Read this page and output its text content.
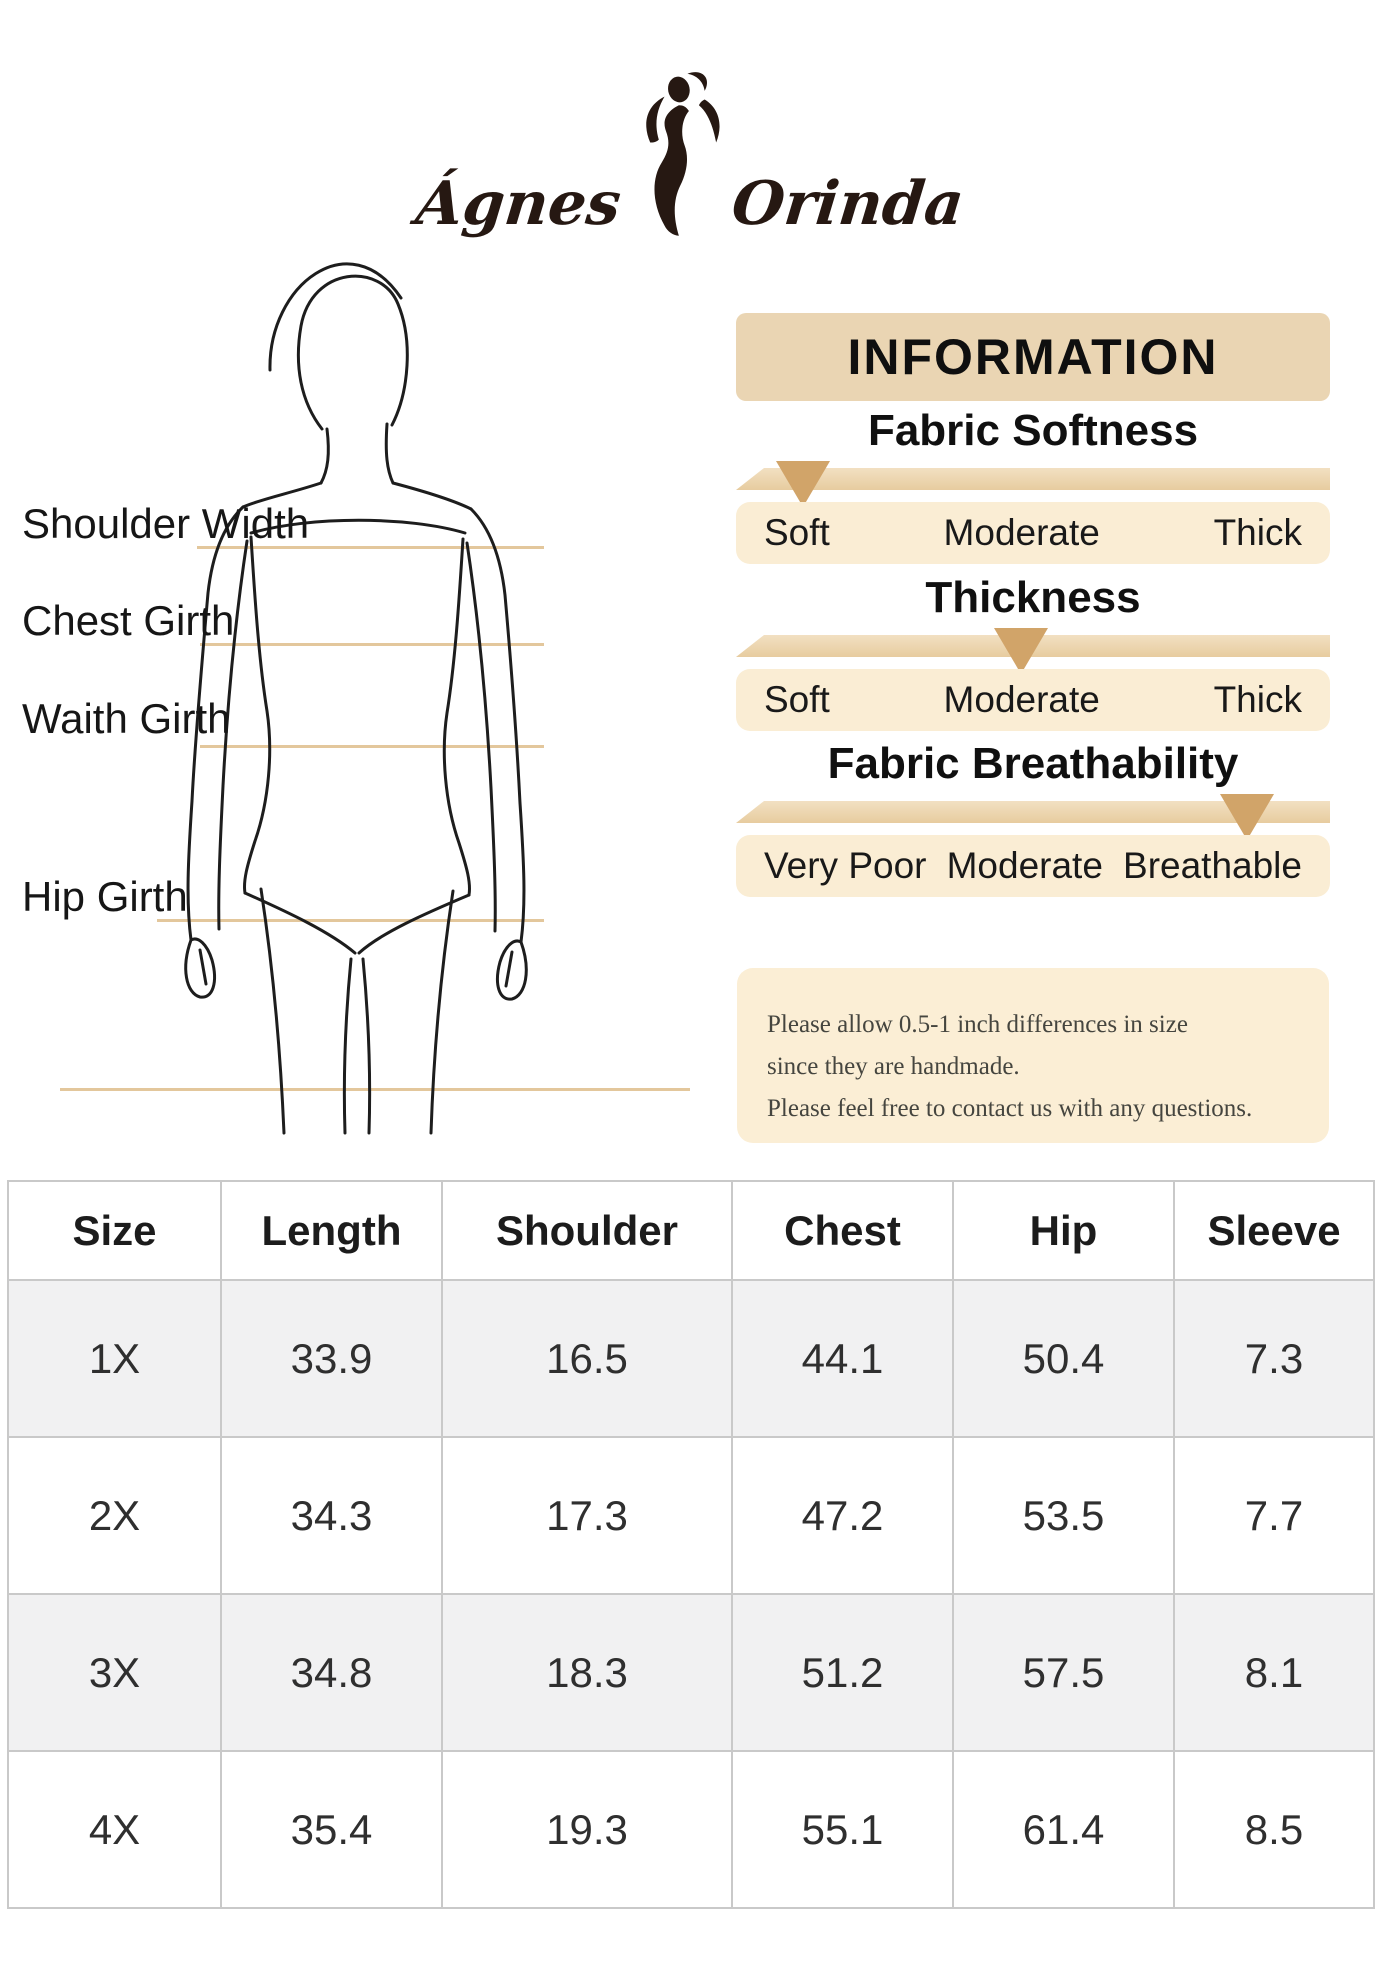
Ágnes Orinda
Shoulder Width
Chest Girth
Waith Girth
Hip Girth
INFORMATION
Fabric Softness
Soft	Moderate	Thick
Thickness
Soft	Moderate	Thick
Fabric Breathability
Very Poor Moderate Breathable
Please allow 0.5-1 inch differences in size
since they are handmade.
Please feel free to contact us with any questions.
Size	Length	Shoulder	Chest	Hip	Sleeve
1X	33.9	16.5	44.1	50.4	7.3
2X	34.3	17.3	47.2	53.5	7.7
3X	34.8	18.3	51.2	57.5	8.1
4X	35.4	19.3	55.1	61.4	8.5
